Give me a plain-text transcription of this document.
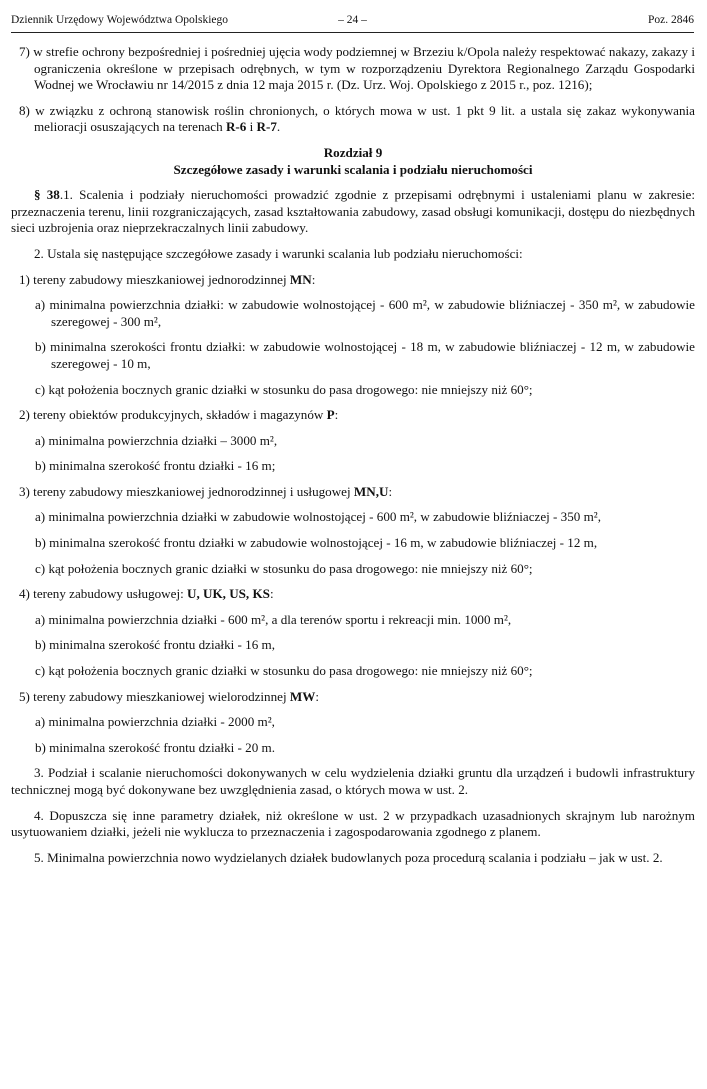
Dziennik Urzędowy Województwa Opolskiego	– 24 –	Poz. 2846

7) w strefie ochrony bezpośredniej i pośredniej ujęcia wody podziemnej w Brzeziu k/Opola należy respektować nakazy, zakazy i ograniczenia określone w przepisach odrębnych, w tym w rozporządzeniu Dyrektora Regionalnego Zarządu Gospodarki Wodnej we Wrocławiu nr 14/2015 z dnia 12 maja 2015 r. (Dz. Urz. Woj. Opolskiego z 2015 r., poz. 1216);

8) w związku z ochroną stanowisk roślin chronionych, o których mowa w ust. 1 pkt 9 lit. a ustala się zakaz wykonywania melioracji osuszających na terenach R-6 i R-7.

Rozdział 9

Szczegółowe zasady i warunki scalania i podziału nieruchomości

§ 38.1. Scalenia i podziały nieruchomości prowadzić zgodnie z przepisami odrębnymi i ustaleniami planu w zakresie: przeznaczenia terenu, linii rozgraniczających, zasad kształtowania zabudowy, zasad obsługi komunikacji, dostępu do niezbędnych sieci uzbrojenia oraz nieprzekraczalnych linii zabudowy.

2. Ustala się następujące szczegółowe zasady i warunki scalania lub podziału nieruchomości:

1) tereny zabudowy mieszkaniowej jednorodzinnej MN:

a) minimalna powierzchnia działki: w zabudowie wolnostojącej - 600 m², w zabudowie bliźniaczej - 350 m², w zabudowie szeregowej - 300 m²,

b) minimalna szerokości frontu działki: w zabudowie wolnostojącej - 18 m, w zabudowie bliźniaczej - 12 m, w zabudowie szeregowej - 10 m,

c) kąt położenia bocznych granic działki w stosunku do pasa drogowego: nie mniejszy niż 60°;

2) tereny obiektów produkcyjnych, składów i magazynów P:

a) minimalna powierzchnia działki – 3000 m²,

b) minimalna szerokość frontu działki - 16 m;

3) tereny zabudowy mieszkaniowej jednorodzinnej i usługowej MN,U:

a) minimalna powierzchnia działki w zabudowie wolnostojącej - 600 m², w zabudowie bliźniaczej - 350 m²,

b) minimalna szerokość frontu działki w zabudowie wolnostojącej - 16 m, w zabudowie bliźniaczej - 12 m,

c) kąt położenia bocznych granic działki w stosunku do pasa drogowego: nie mniejszy niż 60°;

4) tereny zabudowy usługowej: U, UK, US, KS:

a) minimalna powierzchnia działki - 600 m², a dla terenów sportu i rekreacji min. 1000 m²,

b) minimalna szerokość frontu działki - 16 m,

c) kąt położenia bocznych granic działki w stosunku do pasa drogowego: nie mniejszy niż 60°;

5) tereny zabudowy mieszkaniowej wielorodzinnej MW:

a) minimalna powierzchnia działki - 2000 m²,

b) minimalna szerokość frontu działki - 20 m.

3. Podział i scalanie nieruchomości dokonywanych w celu wydzielenia działki gruntu dla urządzeń i budowli infrastruktury technicznej mogą być dokonywane bez uwzględnienia zasad, o których mowa w ust. 2.

4. Dopuszcza się inne parametry działek, niż określone w ust. 2 w przypadkach uzasadnionych skrajnym lub narożnym usytuowaniem działki, jeżeli nie wyklucza to przeznaczenia i zagospodarowania zgodnego z planem.

5. Minimalna powierzchnia nowo wydzielanych działek budowlanych poza procedurą scalania i podziału – jak w ust. 2.
